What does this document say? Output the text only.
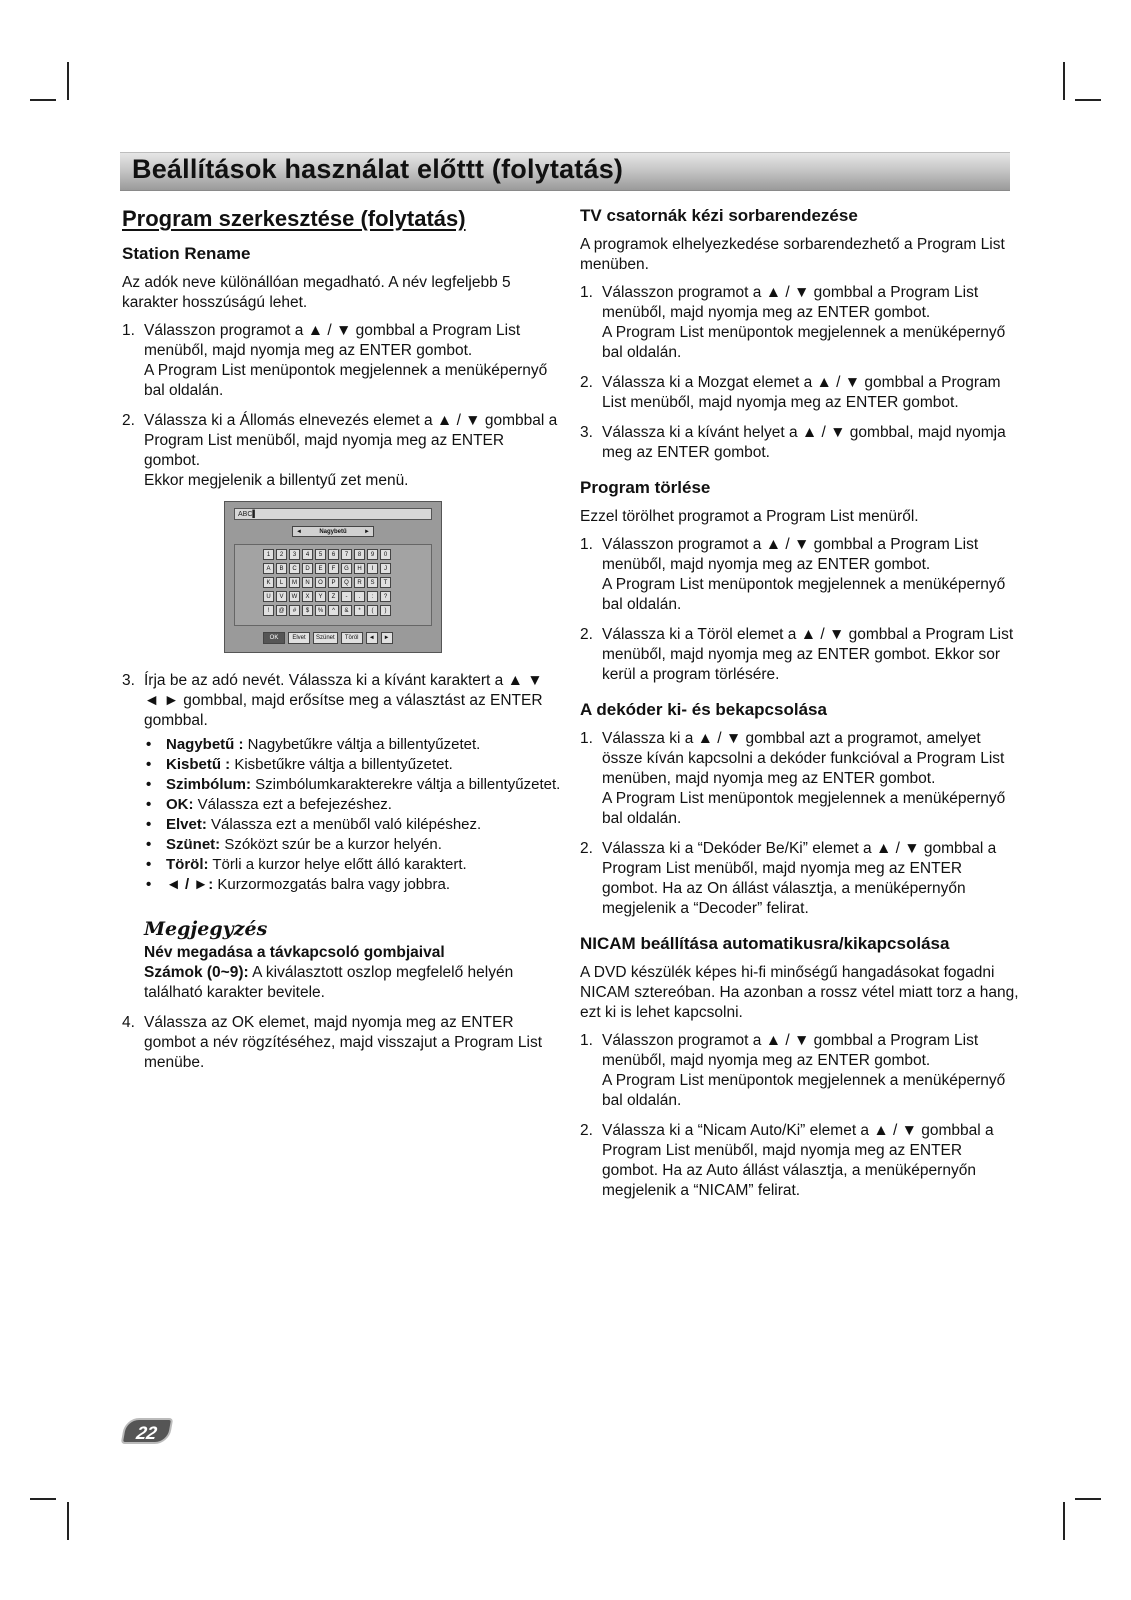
Beállítások használat előttt (folytatás)
Program szerkesztése (folytatás)
Station Rename

Az adók neve különállóan megadható. A név legfeljebb 5 karakter hosszúságú lehet.

1. Válasszon programot a ▲ / ▼ gombbal a Program List menüből, majd nyomja meg az ENTER gombot.

A Program List menüpontok megjelennek a menüképernyő bal oldalán.

2. Válassza ki a Állomás elnevezés elemet a ▲ / ▼ gombbal a Program List menüből, majd nyomja meg az ENTER gombot.

Ekkor megjelenik a billentyű zet menü.

ABC▌
◄	Nagybetű	►
1	2	3	4	5	6	7	8	9	0
A	B	C	D	E	F	G	H	I	J
K	L	M	N	O	P	Q	R	S	T
U	V	W	X	Y	Z	-	.	:	?
!	@	#	$	%	^	&	*	(	)
OK	Elvet	Szünet	Töröl	◄	►
3. Írja be az adó nevét. Válassza ki a kívánt karaktert a ▲ ▼ ◄ ► gombbal, majd erősítse meg a választást az ENTER gombbal.

• Nagybetű : Nagybetűkre váltja a billentyűzetet.
• Kisbetű : Kisbetűkre váltja a billentyűzetet.
• Szimbólum: Szimbólumkarakterekre váltja a billentyűzetet.
• OK: Válassza ezt a befejezéshez.
• Elvet: Válassza ezt a menüből való kilépéshez.
• Szünet: Szóközt szúr be a kurzor helyén.
• Töröl: Törli a kurzor helye előtt álló karaktert.
• ◄ / ►: Kurzormozgatás balra vagy jobbra.
Megjegyzés
Név megadása a távkapcsoló gombjaival
Számok (0~9): A kiválasztott oszlop megfelelő helyén található karakter bevitele.
4. Válassza az OK elemet, majd nyomja meg az ENTER gombot a név rögzítéséhez, majd visszajut a Program List menübe.

TV csatornák kézi sorbarendezése

A programok elhelyezkedése sorbarendezhető a Program List menüben.

1. Válasszon programot a ▲ / ▼ gombbal a Program List menüből, majd nyomja meg az ENTER gombot.

A Program List menüpontok megjelennek a menüképernyő bal oldalán.

2. Válassza ki a Mozgat elemet a ▲ / ▼ gombbal a Program List menüből, majd nyomja meg az ENTER gombot.

3. Válassza ki a kívánt helyet a ▲ / ▼ gombbal, majd nyomja meg az ENTER gombot.

Program törlése

Ezzel törölhet programot a Program List menüről.

1. Válasszon programot a ▲ / ▼ gombbal a Program List menüből, majd nyomja meg az ENTER gombot.

A Program List menüpontok megjelennek a menüképernyő bal oldalán.

2. Válassza ki a Töröl elemet a ▲ / ▼ gombbal a Program List menüből, majd nyomja meg az ENTER gombot. Ekkor sor kerül a program törlésére.

A dekóder ki- és bekapcsolása
1. Válassza ki a ▲ / ▼ gombbal azt a programot, amelyet össze kíván kapcsolni a dekóder funkcióval a Program List menüben, majd nyomja meg az ENTER gombot.

A Program List menüpontok megjelennek a menüképernyő bal oldalán.

2. Válassza ki a “Dekóder Be/Ki” elemet a ▲ / ▼ gombbal a Program List menüből, majd nyomja meg az ENTER gombot. Ha az On állást választja, a menüképernyőn megjelenik a “Decoder” felirat.

NICAM beállítása automatikusra/kikapcsolása

A DVD készülék képes hi-fi minőségű hangadásokat fogadni NICAM sztereóban. Ha azonban a rossz vétel miatt torz a hang, ezt ki is lehet kapcsolni.

1. Válasszon programot a ▲ / ▼ gombbal a Program List menüből, majd nyomja meg az ENTER gombot.

A Program List menüpontok megjelennek a menüképernyő bal oldalán.

2. Válassza ki a “Nicam Auto/Ki” elemet a ▲ / ▼ gombbal a Program List menüből, majd nyomja meg az ENTER gombot. Ha az Auto állást választja, a menüképernyőn megjelenik a “NICAM” felirat.

22
